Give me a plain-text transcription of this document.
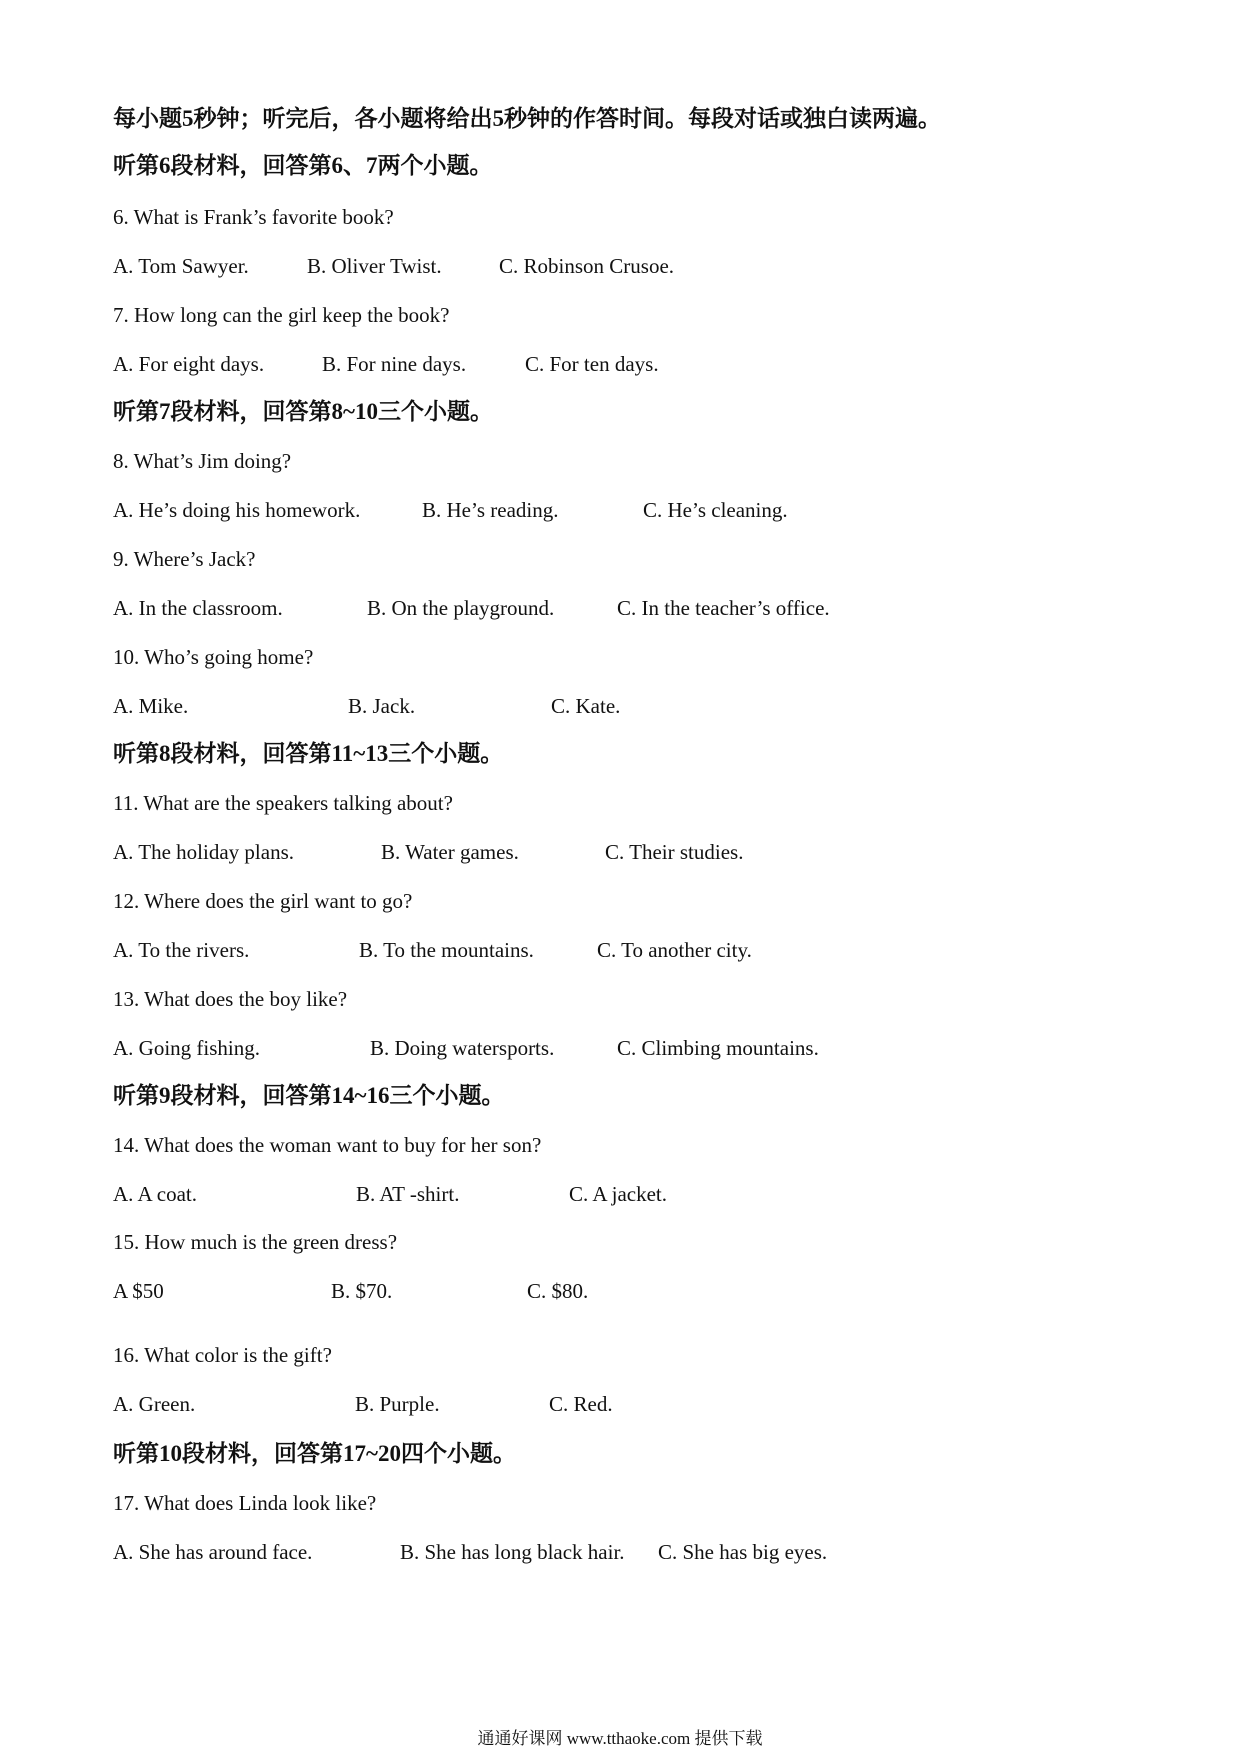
每小题5秒钟；听完后，各小题将给出5秒钟的作答时间。每段对话或独白读两遍。
听第6段材料，回答第6、7两个小题。
6. What is Frank’s favorite book?
A. Tom Sawyer.	B. Oliver Twist.	C. Robinson Crusoe.
7. How long can the girl keep the book?
A. For eight days.	B. For nine days.	C. For ten days.
听第7段材料，回答第8~10三个小题。
8. What’s Jim doing?
A. He’s doing his homework.	B. He’s reading.	C. He’s cleaning.
9. Where’s Jack?
A. In the classroom.	B. On the playground.	C. In the teacher’s office.
10. Who’s going home?
A. Mike.	B. Jack.	C. Kate.
听第8段材料，回答第11~13三个小题。
11. What are the speakers talking about?
A. The holiday plans.	B. Water games.	C. Their studies.
12. Where does the girl want to go?
A. To the rivers.	B. To the mountains.	C. To another city.
13. What does the boy like?
A. Going fishing.	B. Doing watersports.	C. Climbing mountains.
听第9段材料，回答第14~16三个小题。
14. What does the woman want to buy for her son?
A. A coat.	B. AT -shirt.	C. A jacket.
15. How much is the green dress?
A $50	B. $70.	C. $80.
16. What color is the gift?
A. Green.	B. Purple.	C. Red.
听第10段材料，回答第17~20四个小题。
17. What does Linda look like?
A. She has around face.	B. She has long black hair. C. She has big eyes.
通通好课网 www.tthaoke.com 提供下载
